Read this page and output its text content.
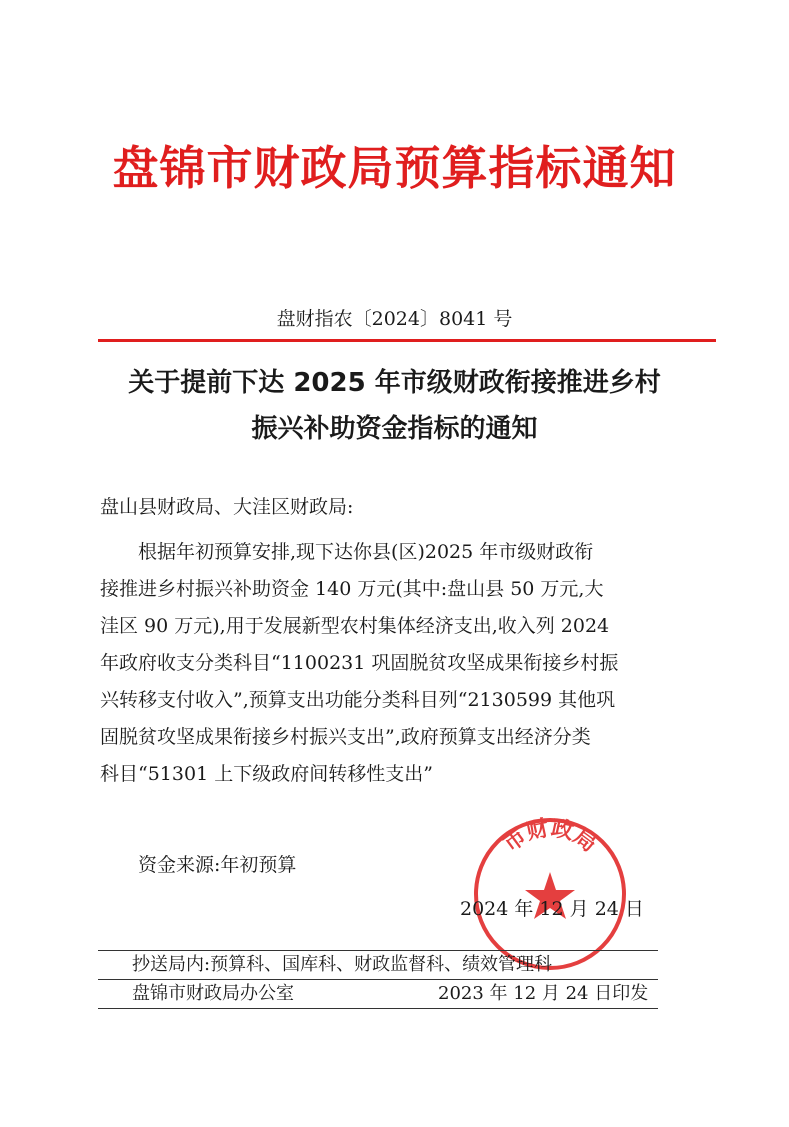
盘锦市财政局预算指标通知
盘财指农〔2024〕8041 号
关于提前下达 2025 年市级财政衔接推进乡村
振兴补助资金指标的通知
盘山县财政局、大洼区财政局:
根据年初预算安排,现下达你县(区)2025 年市级财政衔
接推进乡村振兴补助资金 140 万元(其中:盘山县 50 万元,大
洼区 90 万元),用于发展新型农村集体经济支出,收入列 2024
年政府收支分类科目“1100231 巩固脱贫攻坚成果衔接乡村振
兴转移支付收入”,预算支出功能分类科目列“2130599 其他巩
固脱贫攻坚成果衔接乡村振兴支出”,政府预算支出经济分类
科目“51301 上下级政府间转移性支出”
资金来源:年初预算
市财政局
2024 年 12 月 24 日
抄送局内:预算科、国库科、财政监督科、绩效管理科
盘锦市财政局办公室	2023 年 12 月 24 日印发
